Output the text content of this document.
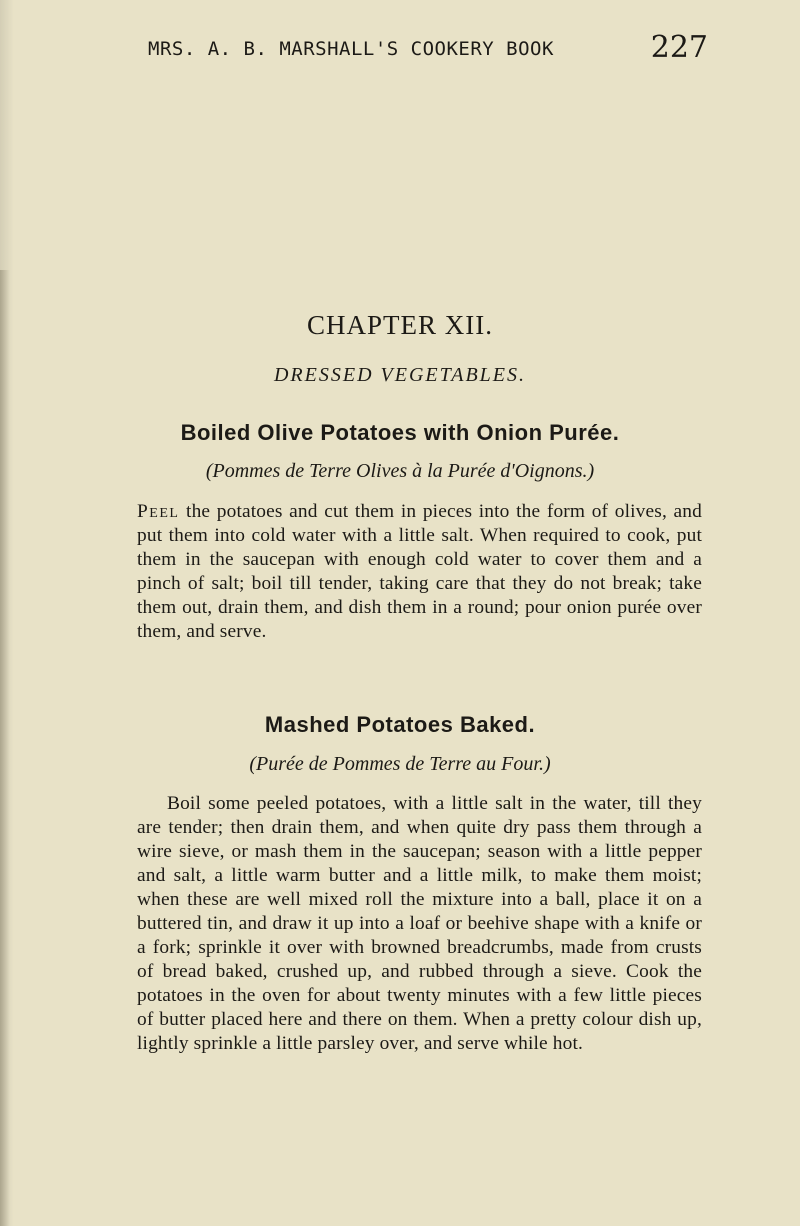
MRS. A. B. MARSHALL'S COOKERY BOOK	227
CHAPTER XII.
DRESSED VEGETABLES.
Boiled Olive Potatoes with Onion Purée.
(Pommes de Terre Olives à la Purée d'Oignons.)

Peel the potatoes and cut them in pieces into the form of olives, and put them into cold water with a little salt. When required to cook, put them in the saucepan with enough cold water to cover them and a pinch of salt; boil till tender, taking care that they do not break; take them out, drain them, and dish them in a round; pour onion purée over them, and serve.

Mashed Potatoes Baked.
(Purée de Pommes de Terre au Four.)

Boil some peeled potatoes, with a little salt in the water, till they are tender; then drain them, and when quite dry pass them through a wire sieve, or mash them in the saucepan; season with a little pepper and salt, a little warm butter and a little milk, to make them moist; when these are well mixed roll the mixture into a ball, place it on a buttered tin, and draw it up into a loaf or beehive shape with a knife or a fork; sprinkle it over with browned breadcrumbs, made from crusts of bread baked, crushed up, and rubbed through a sieve. Cook the potatoes in the oven for about twenty minutes with a few little pieces of butter placed here and there on them. When a pretty colour dish up, lightly sprinkle a little parsley over, and serve while hot.
